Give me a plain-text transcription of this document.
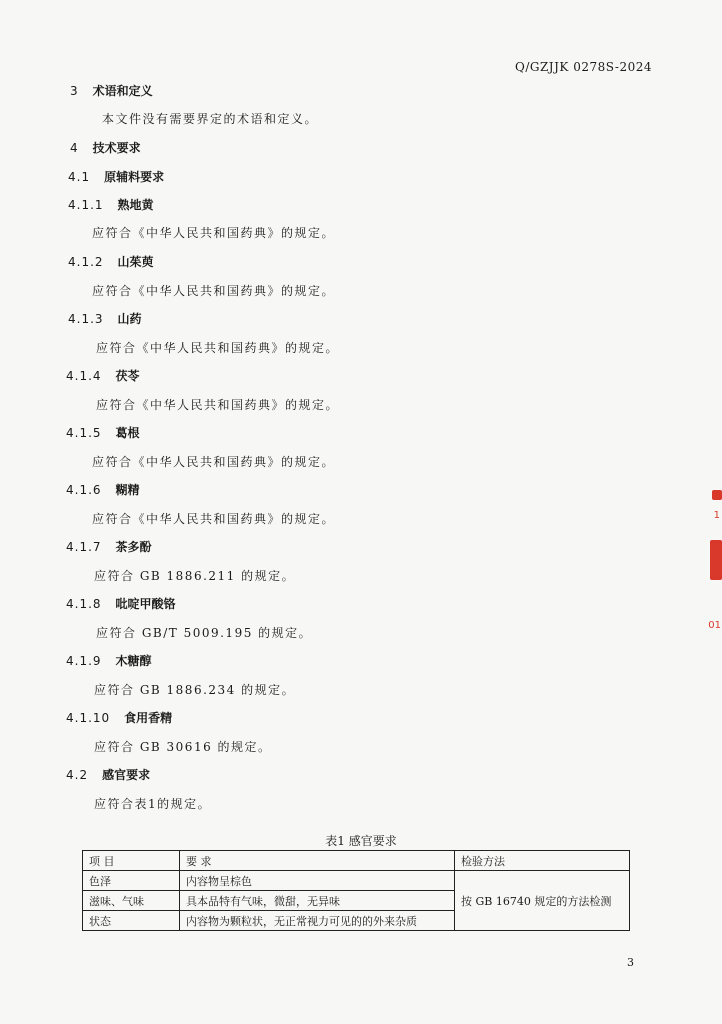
Q/GZJJK 0278S-2024
3 术语和定义
本文件没有需要界定的术语和定义。
4 技术要求
4.1 原辅料要求
4.1.1 熟地黄
应符合《中华人民共和国药典》的规定。
4.1.2 山茱萸
应符合《中华人民共和国药典》的规定。
4.1.3 山药
应符合《中华人民共和国药典》的规定。
4.1.4 茯苓
应符合《中华人民共和国药典》的规定。
4.1.5 葛根
应符合《中华人民共和国药典》的规定。
4.1.6 糊精
应符合《中华人民共和国药典》的规定。
4.1.7 茶多酚
应符合 GB 1886.211 的规定。
4.1.8 吡啶甲酸铬
应符合 GB/T 5009.195 的规定。
4.1.9 木糖醇
应符合 GB 1886.234 的规定。
4.1.10 食用香精
应符合 GB 30616 的规定。
4.2 感官要求
应符合表1的规定。
表1 感官要求
项 目	要 求	检验方法
色泽	内容物呈棕色	按 GB 16740 规定的方法检测
滋味、气味	具本品特有气味，微甜，无异味	
状态	内容物为颗粒状，无正常视力可见的的外来杂质	
3
1
01
